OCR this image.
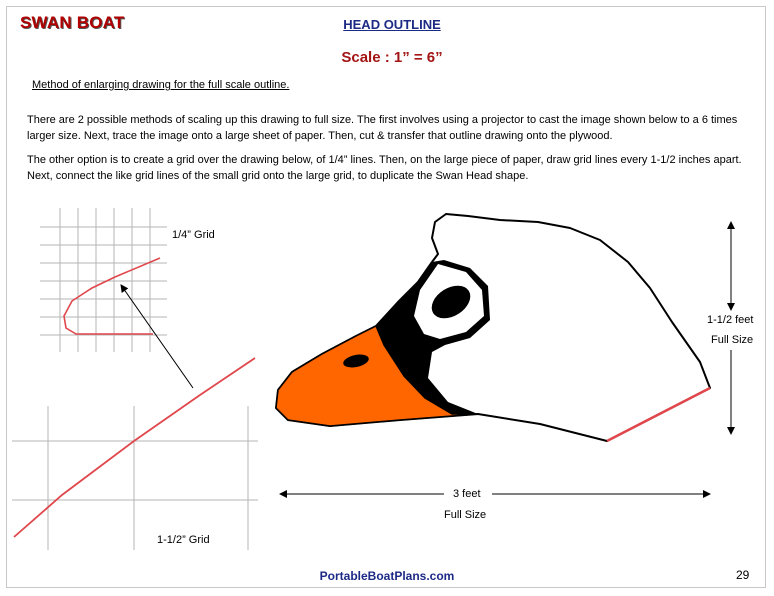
SWAN BOAT	HEAD OUTLINE
Scale : 1” = 6”
Method of enlarging drawing for the full scale outline.
There are 2 possible methods of scaling up this drawing to full size. The first involves using a projector to cast the image shown below to a 6 times larger size. Next, trace the image onto a large sheet of paper. Then, cut & transfer that outline drawing onto the plywood.
The other option is to create a grid over the drawing below, of 1/4” lines. Then, on the large piece of paper, draw grid lines every 1-1/2 inches apart. Next, connect the like grid lines of the small grid onto the large grid, to duplicate the Swan Head shape.
1/4” Grid
1-1/2” Grid
1-1/2 feet
Full Size
3 feet
Full Size
PortableBoatPlans.com	29
